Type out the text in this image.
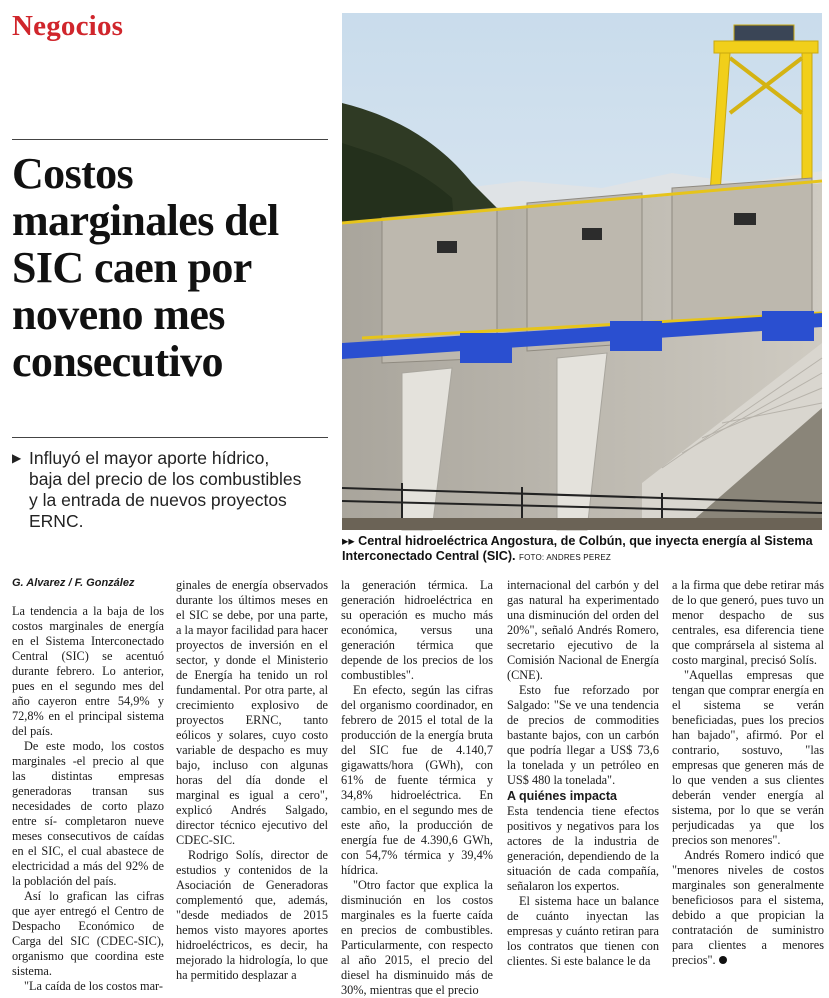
Negocios
Costos marginales del SIC caen por noveno mes consecutivo
▶ Influyó el mayor aporte hídrico,
baja del precio de los combustibles
y la entrada de nuevos proyectos
ERNC.
▸▸ Central hidroeléctrica Angostura, de Colbún, que inyecta energía al Sistema Interconectado Central (SIC). FOTO: ANDRES PEREZ
G. Alvarez / F. González

La tendencia a la baja de los costos marginales de energía en el Sistema Interconectado Central (SIC) se acentuó durante febrero. Lo anterior, pues en el segundo mes del año cayeron entre 54,9% y 72,8% en el principal sistema del país.

De este modo, los costos marginales -el precio al que las distintas empresas generadoras transan sus necesidades de corto plazo entre sí- completaron nueve meses consecutivos de caídas en el SIC, el cual abastece de electricidad a más del 92% de la población del país.

Así lo grafican las cifras que ayer entregó el Centro de Despacho Económico de Carga del SIC (CDEC-SIC), organismo que coordina este sistema.

"La caída de los costos mar-

ginales de energía observados durante los últimos meses en el SIC se debe, por una parte, a la mayor facilidad para hacer proyectos de inversión en el sector, y donde el Ministerio de Energía ha tenido un rol fundamental. Por otra parte, al crecimiento explosivo de proyectos ERNC, tanto eólicos y solares, cuyo costo variable de despacho es muy bajo, incluso con algunas horas del día donde el marginal es igual a cero", explicó Andrés Salgado, director técnico ejecutivo del CDEC-SIC.

Rodrigo Solís, director de estudios y contenidos de la Asociación de Generadoras complementó que, además, "desde mediados de 2015 hemos visto mayores aportes hidroeléctricos, es decir, ha mejorado la hidrología, lo que ha permitido desplazar a

la generación térmica. La generación hidroeléctrica en su operación es mucho más económica, versus una generación térmica que depende de los precios de los combustibles".

En efecto, según las cifras del organismo coordinador, en febrero de 2015 el total de la producción de la energía bruta del SIC fue de 4.140,7 gigawatts/hora (GWh), con 61% de fuente térmica y 34,8% hidroeléctrica. En cambio, en el segundo mes de este año, la producción de energía fue de 4.390,6 GWh, con 54,7% térmica y 39,4% hídrica.

"Otro factor que explica la disminución en los costos marginales es la fuerte caída en precios de combustibles. Particularmente, con respecto al año 2015, el precio del diesel ha disminuido más de 30%, mientras que el precio

internacional del carbón y del gas natural ha experimentado una disminución del orden del 20%", señaló Andrés Romero, secretario ejecutivo de la Comisión Nacional de Energía (CNE).

Esto fue reforzado por Salgado: "Se ve una tendencia de precios de commodities bastante bajos, con un carbón que podría llegar a US$ 73,6 la tonelada y un petróleo en US$ 480 la tonelada".

A quiénes impacta

Esta tendencia tiene efectos positivos y negativos para los actores de la industria de generación, dependiendo de la situación de cada compañía, señalaron los expertos.

El sistema hace un balance de cuánto inyectan las empresas y cuánto retiran para los contratos que tienen con clientes. Si este balance le da

a la firma que debe retirar más de lo que generó, pues tuvo un menor despacho de sus centrales, esa diferencia tiene que comprársela al sistema al costo marginal, precisó Solís.

"Aquellas empresas que tengan que comprar energía en el sistema se verán beneficiadas, pues los precios han bajado", afirmó. Por el contrario, sostuvo, "las empresas que generen más de lo que venden a sus clientes deberán vender energía al sistema, por lo que se verán perjudicadas ya que los precios son menores".

Andrés Romero indicó que "menores niveles de costos marginales son generalmente beneficiosos para el sistema, debido a que propician la contratación de suministro para clientes a menores precios".
